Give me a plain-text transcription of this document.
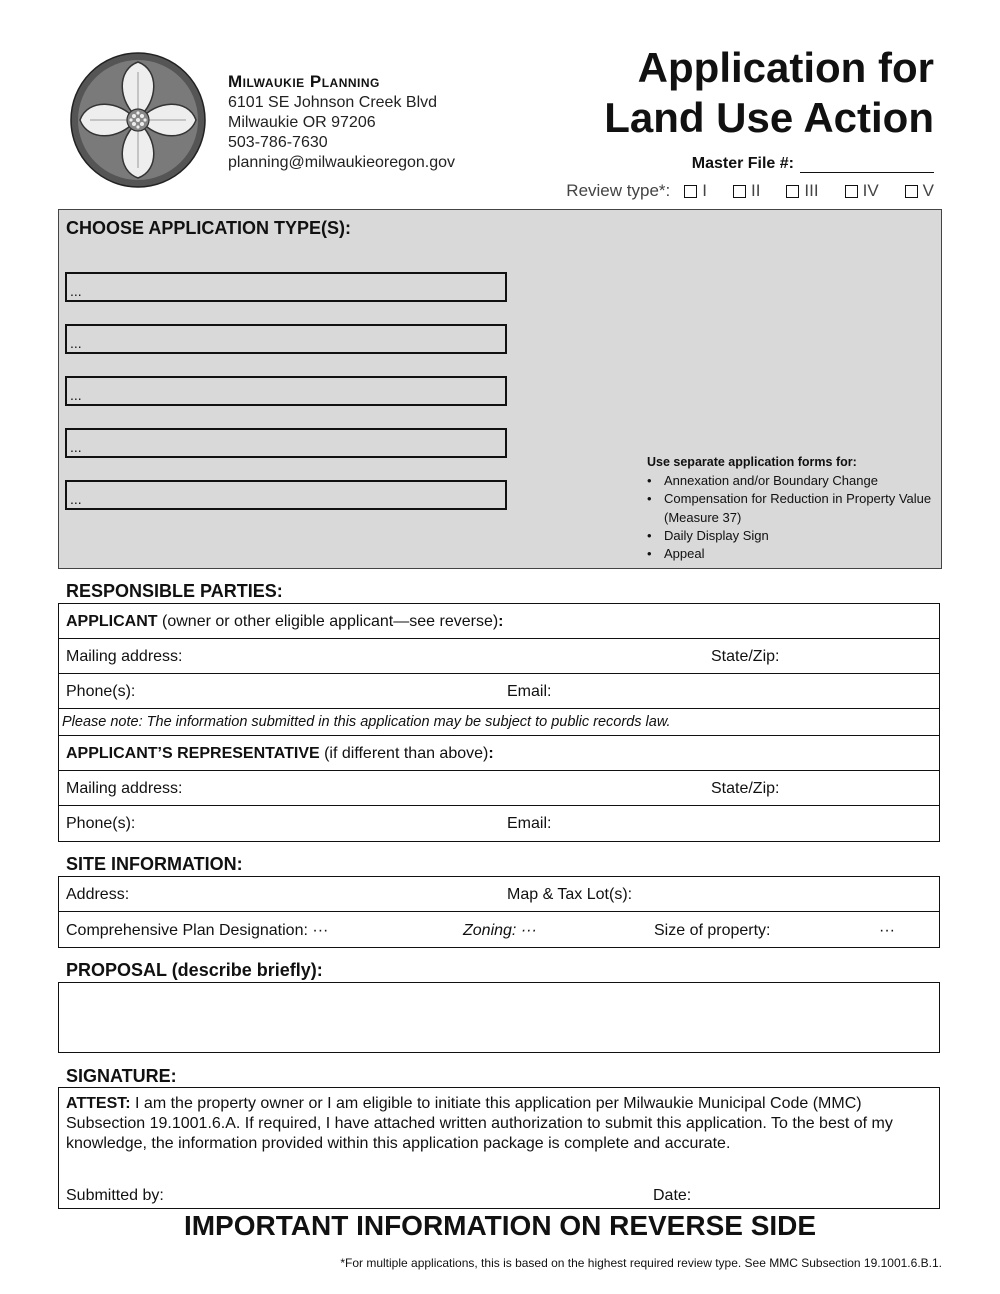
Milwaukie Planning
6101 SE Johnson Creek Blvd
Milwaukie OR 97206
503-786-7630
planning@milwaukieoregon.gov
Application for
Land Use Action
Master File #:
Review type*: I	II	III	IV	V
CHOOSE APPLICATION TYPE(S):
...
...
...
...
...
Use separate application forms for:
• Annexation and/or Boundary Change
• Compensation for Reduction in Property Value (Measure 37)
• Daily Display Sign
• Appeal
RESPONSIBLE PARTIES:
APPLICANT (owner or other eligible applicant—see reverse):
Mailing address:	State/Zip:
Phone(s):	Email:
Please note: The information submitted in this application may be subject to public records law.
APPLICANT’S REPRESENTATIVE (if different than above):
Mailing address:	State/Zip:
Phone(s):	Email:
SITE INFORMATION:
Address:	Map & Tax Lot(s):
Comprehensive Plan Designation: ···	Zoning: ···	Size of property:	···
PROPOSAL (describe briefly):
SIGNATURE:
ATTEST: I am the property owner or I am eligible to initiate this application per Milwaukie Municipal Code (MMC) Subsection 19.1001.6.A. If required, I have attached written authorization to submit this application. To the best of my knowledge, the information provided within this application package is complete and accurate.
Submitted by:	Date:
IMPORTANT INFORMATION ON REVERSE SIDE
*For multiple applications, this is based on the highest required review type. See MMC Subsection 19.1001.6.B.1.
